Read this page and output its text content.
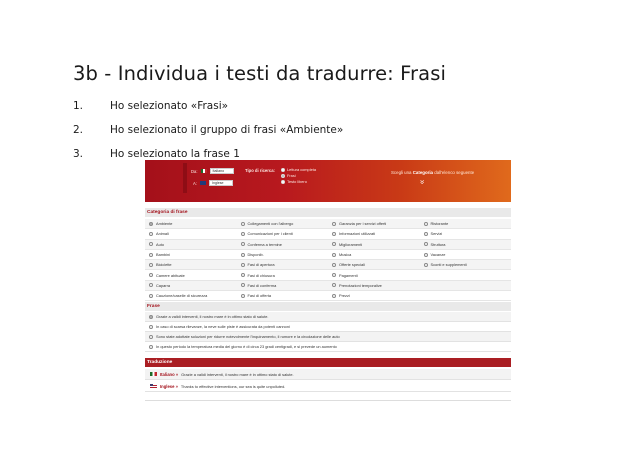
3b - Individua i testi da tradurre: Frasi
1.	Ho selezionato «Frasi»
2.	Ho selezionato il gruppo di frasi «Ambiente»
3.	Ho selezionato la frase 1
Da:	Italiano
A:	Inglese
Tipo di ricerca:	Lettura completa
Frasi
Testo libero
Scegli una Categoria dall'elenco seguente
»
Categoria di frase
Ambiente	Collegamenti con l'albergo	Garanzia per i servizi offerti	Ristorante
Animali	Comunicazioni per i clienti	Informazioni utilizzati	Servizi
Auto	Conferma a termine	Miglioramenti	Struttura
Bambini	Disponib.	Musica	Vacanze
Biciclette	Fasi di apertura	Offerte speciali	Sconti e supplementi
Camere abituate	Fasi di chiusura	Pagamenti
Caparra	Fasi di conferma	Prenotazioni temporalive
Cauzione/caselle di sicurezza	Fasi di offerta	Prezzi
Frase
Grazie a validi interventi, il nostro mare è in ottimo stato di salute.
In caso di scarsa rilevanze, la neve sulle piste è assicurata da potenti cannoni
Sono state adottate soluzioni per ridurre notevolmente l'inquinamento, il rumore e la circolazione delle auto
In questo periodo la temperatura media del giorno è di circa 23 gradi centigradi, e si prevede un aumento
Traduzione
Italiano » Grazie a validi interventi, il nostro mare è in ottimo stato di salute.
Inglese » Thanks to effective interventions, our sea is quite unpolluted.
